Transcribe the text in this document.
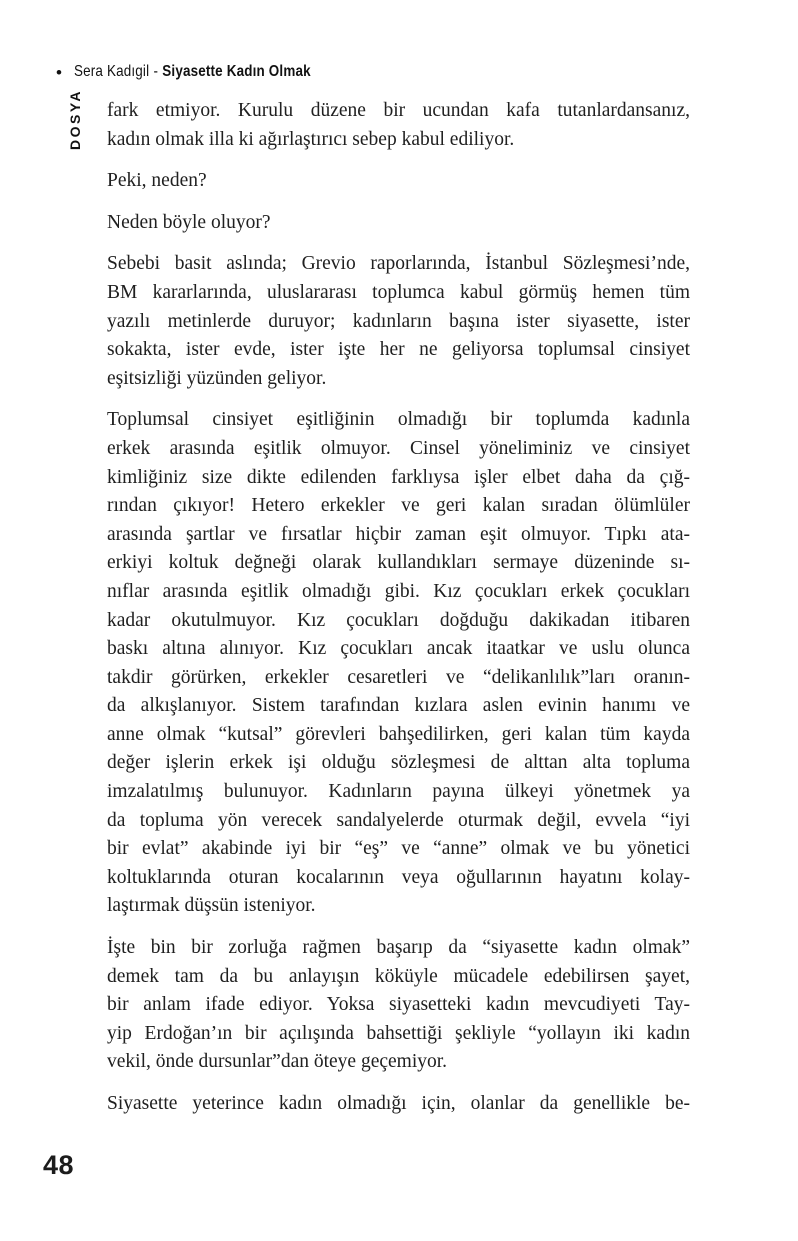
• Sera Kadıgil - Siyasette Kadın Olmak
DOSYA fark etmiyor. Kurulu düzene bir ucundan kafa tutanlardansanız,
kadın olmak illa ki ağırlaştırıcı sebep kabul ediliyor.
Peki, neden?
Neden böyle oluyor?
Sebebi basit aslında; Grevio raporlarında, İstanbul Sözleşmesi’nde,
BM kararlarında, uluslararası toplumca kabul görmüş hemen tüm
yazılı metinlerde duruyor; kadınların başına ister siyasette, ister
sokakta, ister evde, ister işte her ne geliyorsa toplumsal cinsiyet
eşitsizliği yüzünden geliyor.
Toplumsal cinsiyet eşitliğinin olmadığı bir toplumda kadınla
erkek arasında eşitlik olmuyor. Cinsel yöneliminiz ve cinsiyet
kimliğiniz size dikte edilenden farklıysa işler elbet daha da çığ-
rından çıkıyor! Hetero erkekler ve geri kalan sıradan ölümlüler
arasında şartlar ve fırsatlar hiçbir zaman eşit olmuyor. Tıpkı ata-
erkiyi koltuk değneği olarak kullandıkları sermaye düzeninde sı-
nıflar arasında eşitlik olmadığı gibi. Kız çocukları erkek çocukları
kadar okutulmuyor. Kız çocukları doğduğu dakikadan itibaren
baskı altına alınıyor. Kız çocukları ancak itaatkar ve uslu olunca
takdir görürken, erkekler cesaretleri ve “delikanlılık”ları oranın-
da alkışlanıyor. Sistem tarafından kızlara aslen evinin hanımı ve
anne olmak “kutsal” görevleri bahşedilirken, geri kalan tüm kayda
değer işlerin erkek işi olduğu sözleşmesi de alttan alta topluma
imzalatılmış bulunuyor. Kadınların payına ülkeyi yönetmek ya
da topluma yön verecek sandalyelerde oturmak değil, evvela “iyi
bir evlat” akabinde iyi bir “eş” ve “anne” olmak ve bu yönetici
koltuklarında oturan kocalarının veya oğullarının hayatını kolay-
laştırmak düşsün isteniyor.
İşte bin bir zorluğa rağmen başarıp da “siyasette kadın olmak”
demek tam da bu anlayışın köküyle mücadele edebilirsen şayet,
bir anlam ifade ediyor. Yoksa siyasetteki kadın mevcudiyeti Tay-
yip Erdoğan’ın bir açılışında bahsettiği şekliyle “yollayın iki kadın
vekil, önde dursunlar”dan öteye geçemiyor.
Siyasette yeterince kadın olmadığı için, olanlar da genellikle be-
48
